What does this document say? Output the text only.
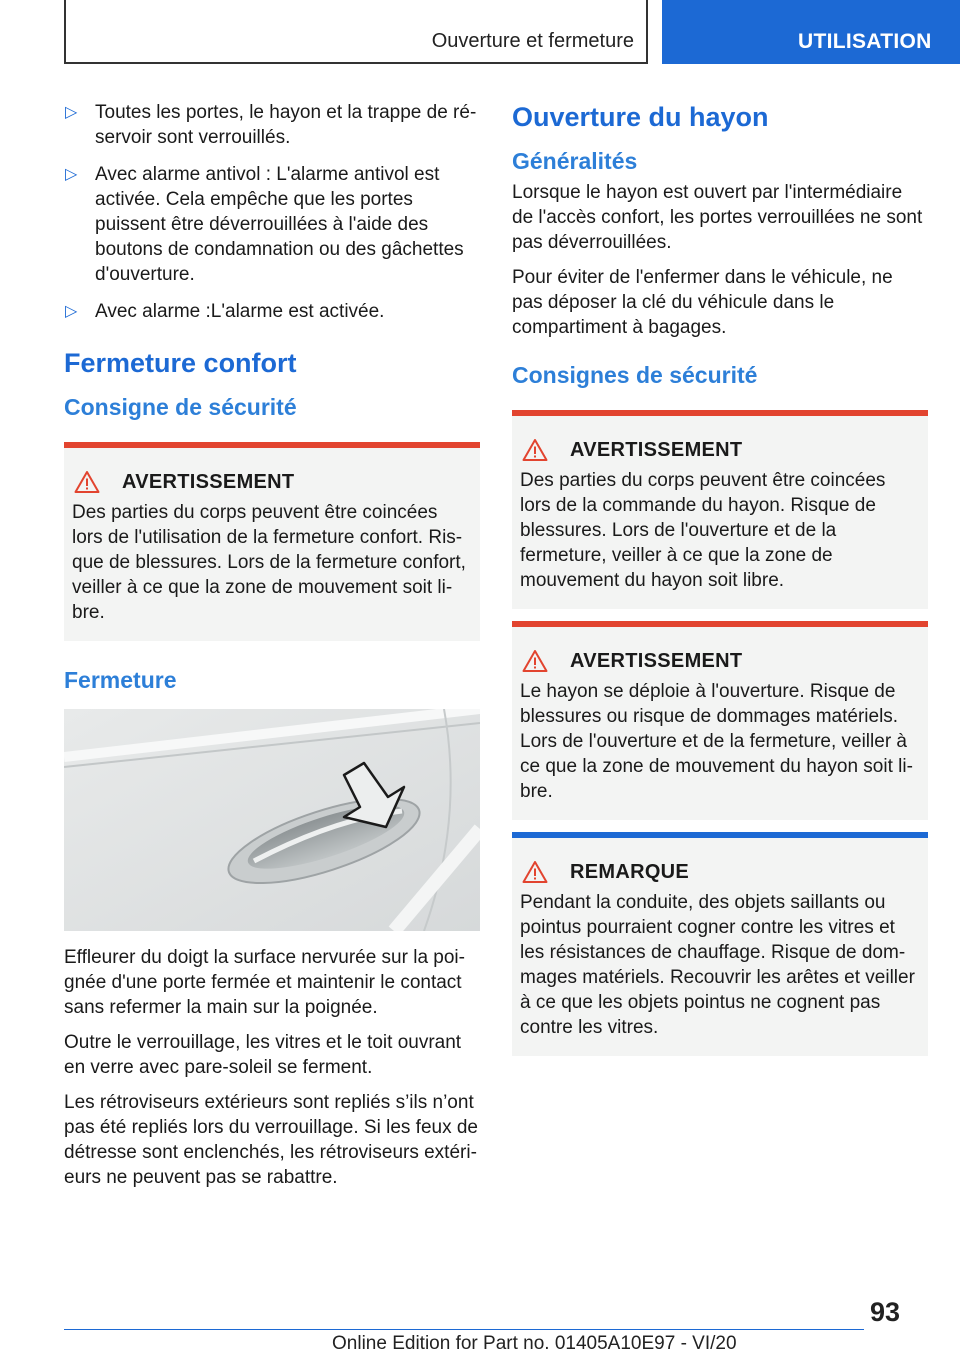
Ouverture et fermeture	UTILISATION
▷ Toutes les portes, le hayon et la trappe de réservoir sont verrouillés.
▷ Avec alarme antivol : L'alarme antivol est activée. Cela empêche que les portes puissent être déverrouillées à l'aide des boutons de condamnation ou des gâchettes d'ouverture.
▷ Avec alarme :L'alarme est activée.
Fermeture confort
Consigne de sécurité
AVERTISSEMENT
Des parties du corps peuvent être coincées lors de l'utilisation de la fermeture confort. Risque de blessures. Lors de la fermeture confort, veiller à ce que la zone de mouvement soit libre.
Fermeture

Effleurer du doigt la surface nervurée sur la poignée d'une porte fermée et maintenir le contact sans refermer la main sur la poignée.

Outre le verrouillage, les vitres et le toit ouvrant en verre avec pare-soleil se ferment.

Les rétroviseurs extérieurs sont repliés s’ils n’ont pas été repliés lors du verrouillage. Si les feux de détresse sont enclenchés, les rétroviseurs extérieurs ne peuvent pas se rabattre.

Ouverture du hayon
Généralités

Lorsque le hayon est ouvert par l'intermédiaire de l'accès confort, les portes verrouillées ne sont pas déverrouillées.

Pour éviter de l'enfermer dans le véhicule, ne pas déposer la clé du véhicule dans le compartiment à bagages.

Consignes de sécurité
AVERTISSEMENT
Des parties du corps peuvent être coincées lors de la commande du hayon. Risque de blessures. Lors de l'ouverture et de la fermeture, veiller à ce que la zone de mouvement du hayon soit libre.
AVERTISSEMENT
Le hayon se déploie à l'ouverture. Risque de blessures ou risque de dommages matériels. Lors de l'ouverture et de la fermeture, veiller à ce que la zone de mouvement du hayon soit libre.
REMARQUE
Pendant la conduite, des objets saillants ou pointus pourraient cogner contre les vitres et les résistances de chauffage. Risque de dommages matériels. Recouvrir les arêtes et veiller à ce que les objets pointus ne cognent pas contre les vitres.
93
Online Edition for Part no. 01405A10E97 - VI/20
